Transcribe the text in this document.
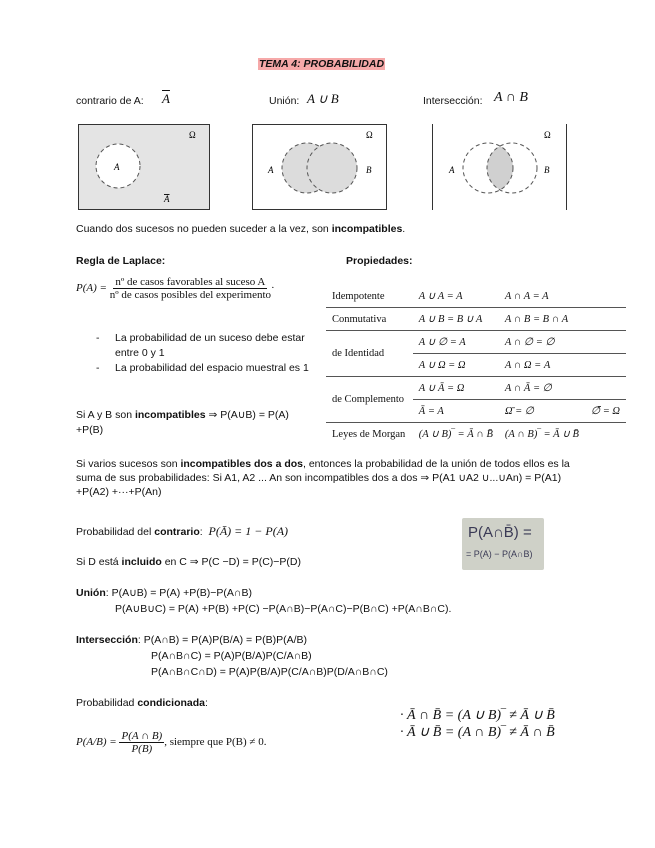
TEMA 4: PROBABILIDAD
contrario de A: $\overline{A}$	Unión: A ∪ B	Intersección: A ∩ B
A
Ω
A
A	B
Ω
A	B
Ω
Cuando dos sucesos no pueden suceder a la vez, son incompatibles.
Regla de Laplace:
$P(A) = \frac{\text{nº de casos favorables al suceso A}}{\text{nº de casos posibles del experimento}}$ ·
-	La probabilidad de un suceso debe estar entre 0 y 1
-	La probabilidad del espacio muestral es 1
Si A y B son incompatibles ⇒ P(A∪B) = P(A) +P(B)
Propiedades:
Idempotente	A ∪ A = A	A ∩ A = A	
Conmutativa	A ∪ B = B ∪ A	A ∩ B = B ∩ A	
de Identidad	A ∪ ∅ = A	A ∩ ∅ = ∅	
	A ∪ Ω = Ω	A ∩ Ω = A	
de Complemento	A ∪ Ā = Ω	A ∩ Ā = ∅	
	Ā = A	Ω̄ = ∅	∅̄ = Ω
Leyes de Morgan	(A ∪ B)‾ = Ā ∩ B̄	(A ∩ B)‾ = Ā ∪ B̄	
Si varios sucesos son incompatibles dos a dos, entonces la probabilidad de la unión de todos ellos es la suma de sus probabilidades: Si A1, A2 ... An son incompatibles dos a dos ⇒ P(A1 ∪A2 ∪...∪An) = P(A1) +P(A2) +···+P(An)
Probabilidad del contrario:  P(Ā) = 1 − P(A)	P(A∩B̄) =
= P(A) − P(A∩B)
Si D está incluido en C ⇒ P(C −D) = P(C)−P(D)
Unión: P(A∪B) = P(A) +P(B)−P(A∩B)
P(A∪B∪C) = P(A) +P(B) +P(C) −P(A∩B)−P(A∩C)−P(B∩C) +P(A∩B∩C).
Intersección: P(A∩B) = P(A)P(B/A) = P(B)P(A/B)
P(A∩B∩C) = P(A)P(B/A)P(C/A∩B)
P(A∩B∩C∩D) = P(A)P(B/A)P(C/A∩B)P(D/A∩B∩C)
Probabilidad condicionada:
$P(A/B) = \frac{P(A \cap B)}{P(B)}$ , siempre que P(B) ≠ 0.
· Ā ∩ B̄ = (A ∪ B)‾ ≠ Ā ∪ B̄
· Ā ∪ B̄ = (A ∩ B)‾ ≠ Ā ∩ B̄
